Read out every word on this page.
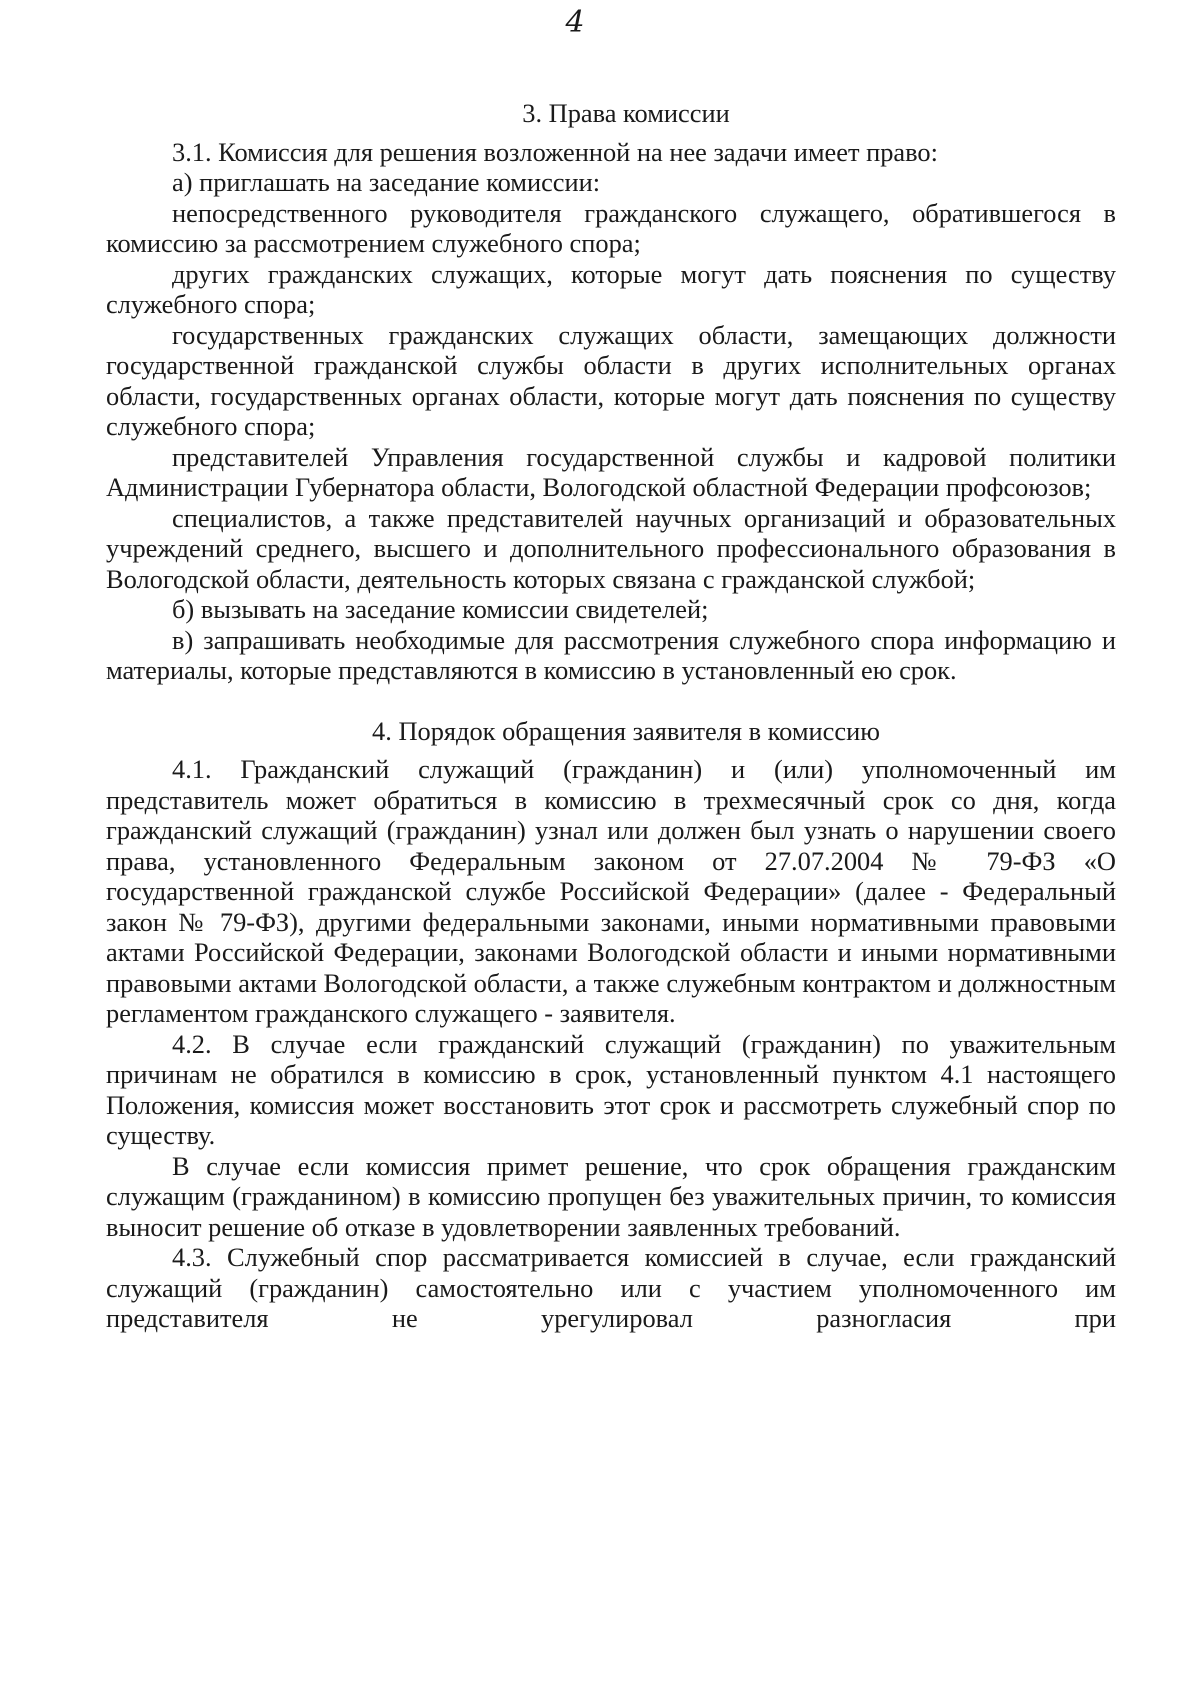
4
3. Права комиссии

3.1. Комиссия для решения возложенной на нее задачи имеет право:

а) приглашать на заседание комиссии:

непосредственного руководителя гражданского служащего, обратившегося в комиссию за рассмотрением служебного спора;

других гражданских служащих, которые могут дать пояснения по существу служебного спора;

государственных гражданских служащих области, замещающих должности государственной гражданской службы области в других исполнительных органах области, государственных органах области, которые могут дать пояснения по существу служебного спора;

представителей Управления государственной службы и кадровой политики Администрации Губернатора области, Вологодской областной Федерации профсоюзов;

специалистов, а также представителей научных организаций и образовательных учреждений среднего, высшего и дополнительного профессионального образования в Вологодской области, деятельность которых связана с гражданской службой;

б) вызывать на заседание комиссии свидетелей;

в) запрашивать необходимые для рассмотрения служебного спора информацию и материалы, которые представляются в комиссию в установленный ею срок.

4. Порядок обращения заявителя в комиссию

4.1. Гражданский служащий (гражданин) и (или) уполномоченный им представитель может обратиться в комиссию в трехмесячный срок со дня, когда гражданский служащий (гражданин) узнал или должен был узнать о нарушении своего права, установленного Федеральным законом от 27.07.2004 № 79-ФЗ «О государственной гражданской службе Российской Федерации» (далее - Федеральный закон № 79-ФЗ), другими федеральными законами, иными нормативными правовыми актами Российской Федерации, законами Вологодской области и иными нормативными правовыми актами Вологодской области, а также служебным контрактом и должностным регламентом гражданского служащего - заявителя.

4.2. В случае если гражданский служащий (гражданин) по уважительным причинам не обратился в комиссию в срок, установленный пунктом 4.1 настоящего Положения, комиссия может восстановить этот срок и рассмотреть служебный спор по существу.

В случае если комиссия примет решение, что срок обращения гражданским служащим (гражданином) в комиссию пропущен без уважительных причин, то комиссия выносит решение об отказе в удовлетворении заявленных требований.

4.3. Служебный спор рассматривается комиссией в случае, если гражданский служащий (гражданин) самостоятельно или с участием уполномоченного им представителя не урегулировал разногласия при
